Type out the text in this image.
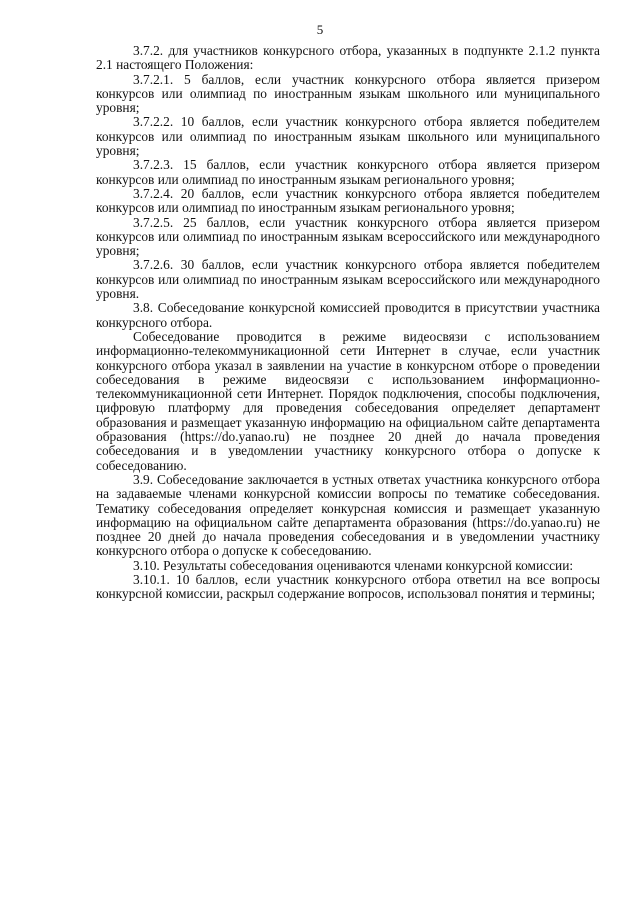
5

3.7.2. для участников конкурсного отбора, указанных в подпункте 2.1.2 пункта 2.1 настоящего Положения:

3.7.2.1. 5 баллов, если участник конкурсного отбора является призером конкурсов или олимпиад по иностранным языкам школьного или муниципального уровня;

3.7.2.2. 10 баллов, если участник конкурсного отбора является победителем конкурсов или олимпиад по иностранным языкам школьного или муниципального уровня;

3.7.2.3. 15 баллов, если участник конкурсного отбора является призером конкурсов или олимпиад по иностранным языкам регионального уровня;

3.7.2.4. 20 баллов, если участник конкурсного отбора является победителем конкурсов или олимпиад по иностранным языкам регионального уровня;

3.7.2.5. 25 баллов, если участник конкурсного отбора является призером конкурсов или олимпиад по иностранным языкам всероссийского или международного уровня;

3.7.2.6. 30 баллов, если участник конкурсного отбора является победителем конкурсов или олимпиад по иностранным языкам всероссийского или международного уровня.

3.8. Собеседование конкурсной комиссией проводится в присутствии участника конкурсного отбора.

Собеседование проводится в режиме видеосвязи с использованием информационно-телекоммуникационной сети Интернет в случае, если участник конкурсного отбора указал в заявлении на участие в конкурсном отборе о проведении собеседования в режиме видеосвязи с использованием информационно-телекоммуникационной сети Интернет. Порядок подключения, способы подключения, цифровую платформу для проведения собеседования определяет департамент образования и размещает указанную информацию на официальном сайте департамента образования (https://do.yanao.ru) не позднее 20 дней до начала проведения собеседования и в уведомлении участнику конкурсного отбора о допуске к собеседованию.

3.9. Собеседование заключается в устных ответах участника конкурсного отбора на задаваемые членами конкурсной комиссии вопросы по тематике собеседования. Тематику собеседования определяет конкурсная комиссия и размещает указанную информацию на официальном сайте департамента образования (https://do.yanao.ru) не позднее 20 дней до начала проведения собеседования и в уведомлении участнику конкурсного отбора о допуске к собеседованию.

3.10. Результаты собеседования оцениваются членами конкурсной комиссии:

3.10.1. 10 баллов, если участник конкурсного отбора ответил на все вопросы конкурсной комиссии, раскрыл содержание вопросов, использовал понятия и термины;
